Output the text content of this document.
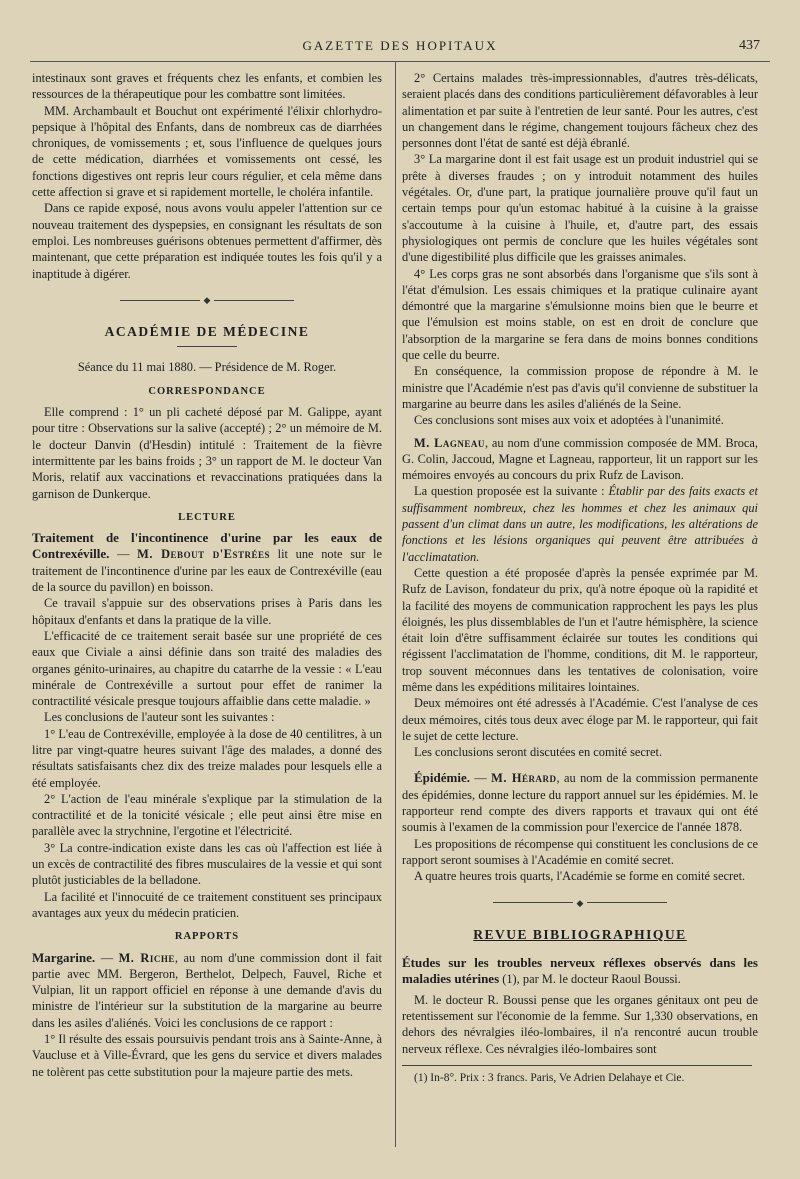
GAZETTE DES HOPITAUX	437

intestinaux sont graves et fréquents chez les enfants, et combien les ressources de la thérapeutique pour les combattre sont limitées.

MM. Archambault et Bouchut ont expérimenté l'élixir chlorhydro-pepsique à l'hôpital des Enfants, dans de nombreux cas de diarrhées chroniques, de vomissements ; et, sous l'influence de quelques jours de cette médication, diarrhées et vomissements ont cessé, les fonctions digestives ont repris leur cours régulier, et cela même dans cette affection si grave et si rapidement mortelle, le choléra infantile.

Dans ce rapide exposé, nous avons voulu appeler l'attention sur ce nouveau traitement des dyspepsies, en consignant les résultats de son emploi. Les nombreuses guérisons obtenues permettent d'affirmer, dès maintenant, que cette préparation est indiquée toutes les fois qu'il y a inaptitude à digérer.

◆

ACADÉMIE DE MÉDECINE

Séance du 11 mai 1880. — Présidence de M. Roger.

CORRESPONDANCE

Elle comprend : 1° un pli cacheté déposé par M. Galippe, ayant pour titre : Observations sur la salive (accepté) ; 2° un mémoire de M. le docteur Danvin (d'Hesdin) intitulé : Traitement de la fièvre intermittente par les bains froids ; 3° un rapport de M. le docteur Van Moris, relatif aux vaccinations et revaccinations pratiquées dans la garnison de Dunkerque.

LECTURE

Traitement de l'incontinence d'urine par les eaux de Contrexéville. — M. Debout d'Estrées lit une note sur le traitement de l'incontinence d'urine par les eaux de Contrexéville (eau de la source du pavillon) en boisson.

Ce travail s'appuie sur des observations prises à Paris dans les hôpitaux d'enfants et dans la pratique de la ville.

L'efficacité de ce traitement serait basée sur une propriété de ces eaux que Civiale a ainsi définie dans son traité des maladies des organes génito-urinaires, au chapitre du catarrhe de la vessie : « L'eau minérale de Contrexéville a surtout pour effet de ranimer la contractilité vésicale presque toujours affaiblie dans cette maladie. »

Les conclusions de l'auteur sont les suivantes :

1° L'eau de Contrexéville, employée à la dose de 40 centilitres, à un litre par vingt-quatre heures suivant l'âge des malades, a donné des résultats satisfaisants chez dix des treize malades pour lesquels elle a été employée.

2° L'action de l'eau minérale s'explique par la stimulation de la contractilité et de la tonicité vésicale ; elle peut ainsi être mise en parallèle avec la strychnine, l'ergotine et l'électricité.

3° La contre-indication existe dans les cas où l'affection est liée à un excès de contractilité des fibres musculaires de la vessie et qui sont plutôt justiciables de la belladone.

La facilité et l'innocuité de ce traitement constituent ses principaux avantages aux yeux du médecin praticien.

RAPPORTS

Margarine. — M. Riche, au nom d'une commission dont il fait partie avec MM. Bergeron, Berthelot, Delpech, Fauvel, Riche et Vulpian, lit un rapport officiel en réponse à une demande d'avis du ministre de l'intérieur sur la substitution de la margarine au beurre dans les asiles d'aliénés. Voici les conclusions de ce rapport :

1° Il résulte des essais poursuivis pendant trois ans à Sainte-Anne, à Vaucluse et à Ville-Évrard, que les gens du service et divers malades ne tolèrent pas cette substitution pour la majeure partie des mets.

2° Certains malades très-impressionnables, d'autres très-délicats, seraient placés dans des conditions particulièrement défavorables à leur alimentation et par suite à l'entretien de leur santé. Pour les autres, c'est un changement dans le régime, changement toujours fâcheux chez des personnes dont l'état de santé est déjà ébranlé.

3° La margarine dont il est fait usage est un produit industriel qui se prête à diverses fraudes ; on y introduit notamment des huiles végétales. Or, d'une part, la pratique journalière prouve qu'il faut un certain temps pour qu'un estomac habitué à la cuisine à la graisse s'accoutume à la cuisine à l'huile, et, d'autre part, des essais physiologiques ont permis de conclure que les huiles végétales sont d'une digestibilité plus difficile que les graisses animales.

4° Les corps gras ne sont absorbés dans l'organisme que s'ils sont à l'état d'émulsion. Les essais chimiques et la pratique culinaire ayant démontré que la margarine s'émulsionne moins bien que le beurre et que l'émulsion est moins stable, on est en droit de conclure que l'absorption de la margarine se fera dans de moins bonnes conditions que celle du beurre.

En conséquence, la commission propose de répondre à M. le ministre que l'Académie n'est pas d'avis qu'il convienne de substituer la margarine au beurre dans les asiles d'aliénés de la Seine.

Ces conclusions sont mises aux voix et adoptées à l'unanimité.

M. Lagneau, au nom d'une commission composée de MM. Broca, G. Colin, Jaccoud, Magne et Lagneau, rapporteur, lit un rapport sur les mémoires envoyés au concours du prix Rufz de Lavison.

La question proposée est la suivante : Établir par des faits exacts et suffisamment nombreux, chez les hommes et chez les animaux qui passent d'un climat dans un autre, les modifications, les altérations de fonctions et les lésions organiques qui peuvent être attribuées à l'acclimatation.

Cette question a été proposée d'après la pensée exprimée par M. Rufz de Lavison, fondateur du prix, qu'à notre époque où la rapidité et la facilité des moyens de communication rapprochent les pays les plus éloignés, les plus dissemblables de l'un et l'autre hémisphère, la science était loin d'être suffisamment éclairée sur toutes les conditions qui régissent l'acclimatation de l'homme, conditions, dit M. le rapporteur, trop souvent méconnues dans les tentatives de colonisation, voire même dans les expéditions militaires lointaines.

Deux mémoires ont été adressés à l'Académie. C'est l'analyse de ces deux mémoires, cités tous deux avec éloge par M. le rapporteur, qui fait le sujet de cette lecture.

Les conclusions seront discutées en comité secret.

Épidémie. — M. Hérard, au nom de la commission permanente des épidémies, donne lecture du rapport annuel sur les épidémies. M. le rapporteur rend compte des divers rapports et travaux qui ont été soumis à l'examen de la commission pour l'exercice de l'année 1878.

Les propositions de récompense qui constituent les conclusions de ce rapport seront soumises à l'Académie en comité secret.

A quatre heures trois quarts, l'Académie se forme en comité secret.

◆

REVUE BIBLIOGRAPHIQUE

Études sur les troubles nerveux réflexes observés dans les maladies utérines (1), par M. le docteur Raoul Boussi.

M. le docteur R. Boussi pense que les organes génitaux ont peu de retentissement sur l'économie de la femme. Sur 1,330 observations, en dehors des névralgies iléo-lombaires, il n'a rencontré aucun trouble nerveux réflexe. Ces névralgies iléo-lombaires sont

(1) In-8°. Prix : 3 francs. Paris, Ve Adrien Delahaye et Cie.
